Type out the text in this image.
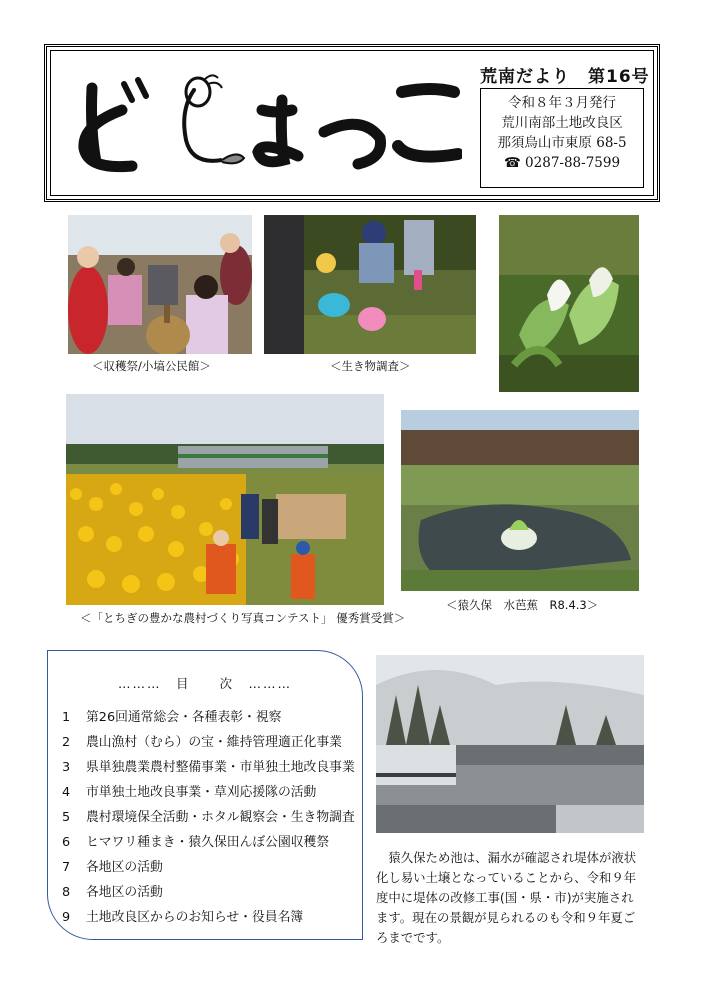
荒南だより　第16号
令和８年３月発行
荒川南部土地改良区
那須烏山市東原 68-5
☎ 0287-88-7599
＜収穫祭/小塙公民館＞	＜生き物調査＞
＜「とちぎの豊かな農村づくり写真コンテスト」 優秀賞受賞＞
＜猿久保　水芭蕉　R8.4.3＞
………　目　　次　………
1	第26回通常総会・各種表彰・視察
2	農山漁村（むら）の宝・維持管理適正化事業
3	県単独農業農村整備事業・市単独土地改良事業
4	市単独土地改良事業・草刈応援隊の活動
5	農村環境保全活動・ホタル観察会・生き物調査
6	ヒマワリ種まき・猿久保田んぼ公園収穫祭
7	各地区の活動
8	各地区の活動
9	土地改良区からのお知らせ・役員名簿

猿久保ため池は、漏水が確認され堤体が液状化し易い土壌となっていることから、令和９年度中に堤体の改修工事(国・県・市)が実施されます。現在の景観が見られるのも令和９年夏ごろまでです。
